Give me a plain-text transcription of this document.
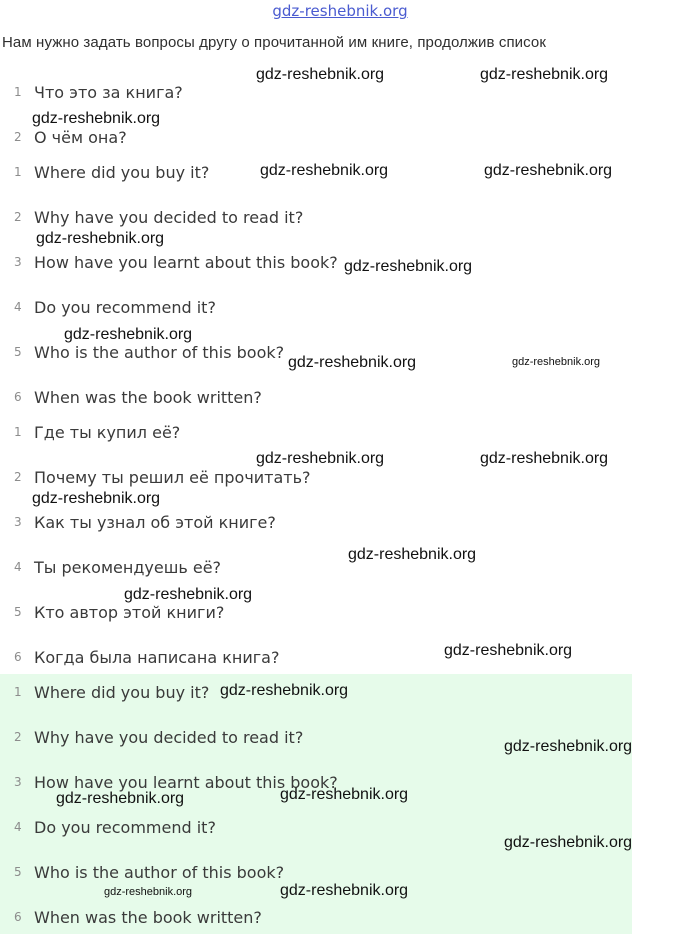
gdz-reshebnik.org
Нам нужно задать вопросы другу о прочитанной им книге, продолжив список
1 Что это за книга?
2 О чём она?
1 Where did you buy it?
2 Why have you decided to read it?
3 How have you learnt about this book?
4 Do you recommend it?
5 Who is the author of this book?
6 When was the book written?
1 Где ты купил её?
2 Почему ты решил её прочитать?
3 Как ты узнал об этой книге?
4 Ты рекомендуешь её?
5 Кто автор этой книги?
6 Когда была написана книга?
1 Where did you buy it?
2 Why have you decided to read it?
3 How have you learnt about this book?
4 Do you recommend it?
5 Who is the author of this book?
6 When was the book written?
gdz-reshebnik.org	gdz-reshebnik.org
gdz-reshebnik.org
gdz-reshebnik.org	gdz-reshebnik.org
gdz-reshebnik.org
gdz-reshebnik.org
gdz-reshebnik.org
gdz-reshebnik.org	gdz-reshebnik.org
gdz-reshebnik.org	gdz-reshebnik.org
gdz-reshebnik.org
gdz-reshebnik.org
gdz-reshebnik.org
gdz-reshebnik.org
gdz-reshebnik.org
gdz-reshebnik.org
gdz-reshebnik.org	gdz-reshebnik.org
gdz-reshebnik.org
gdz-reshebnik.org	gdz-reshebnik.org
